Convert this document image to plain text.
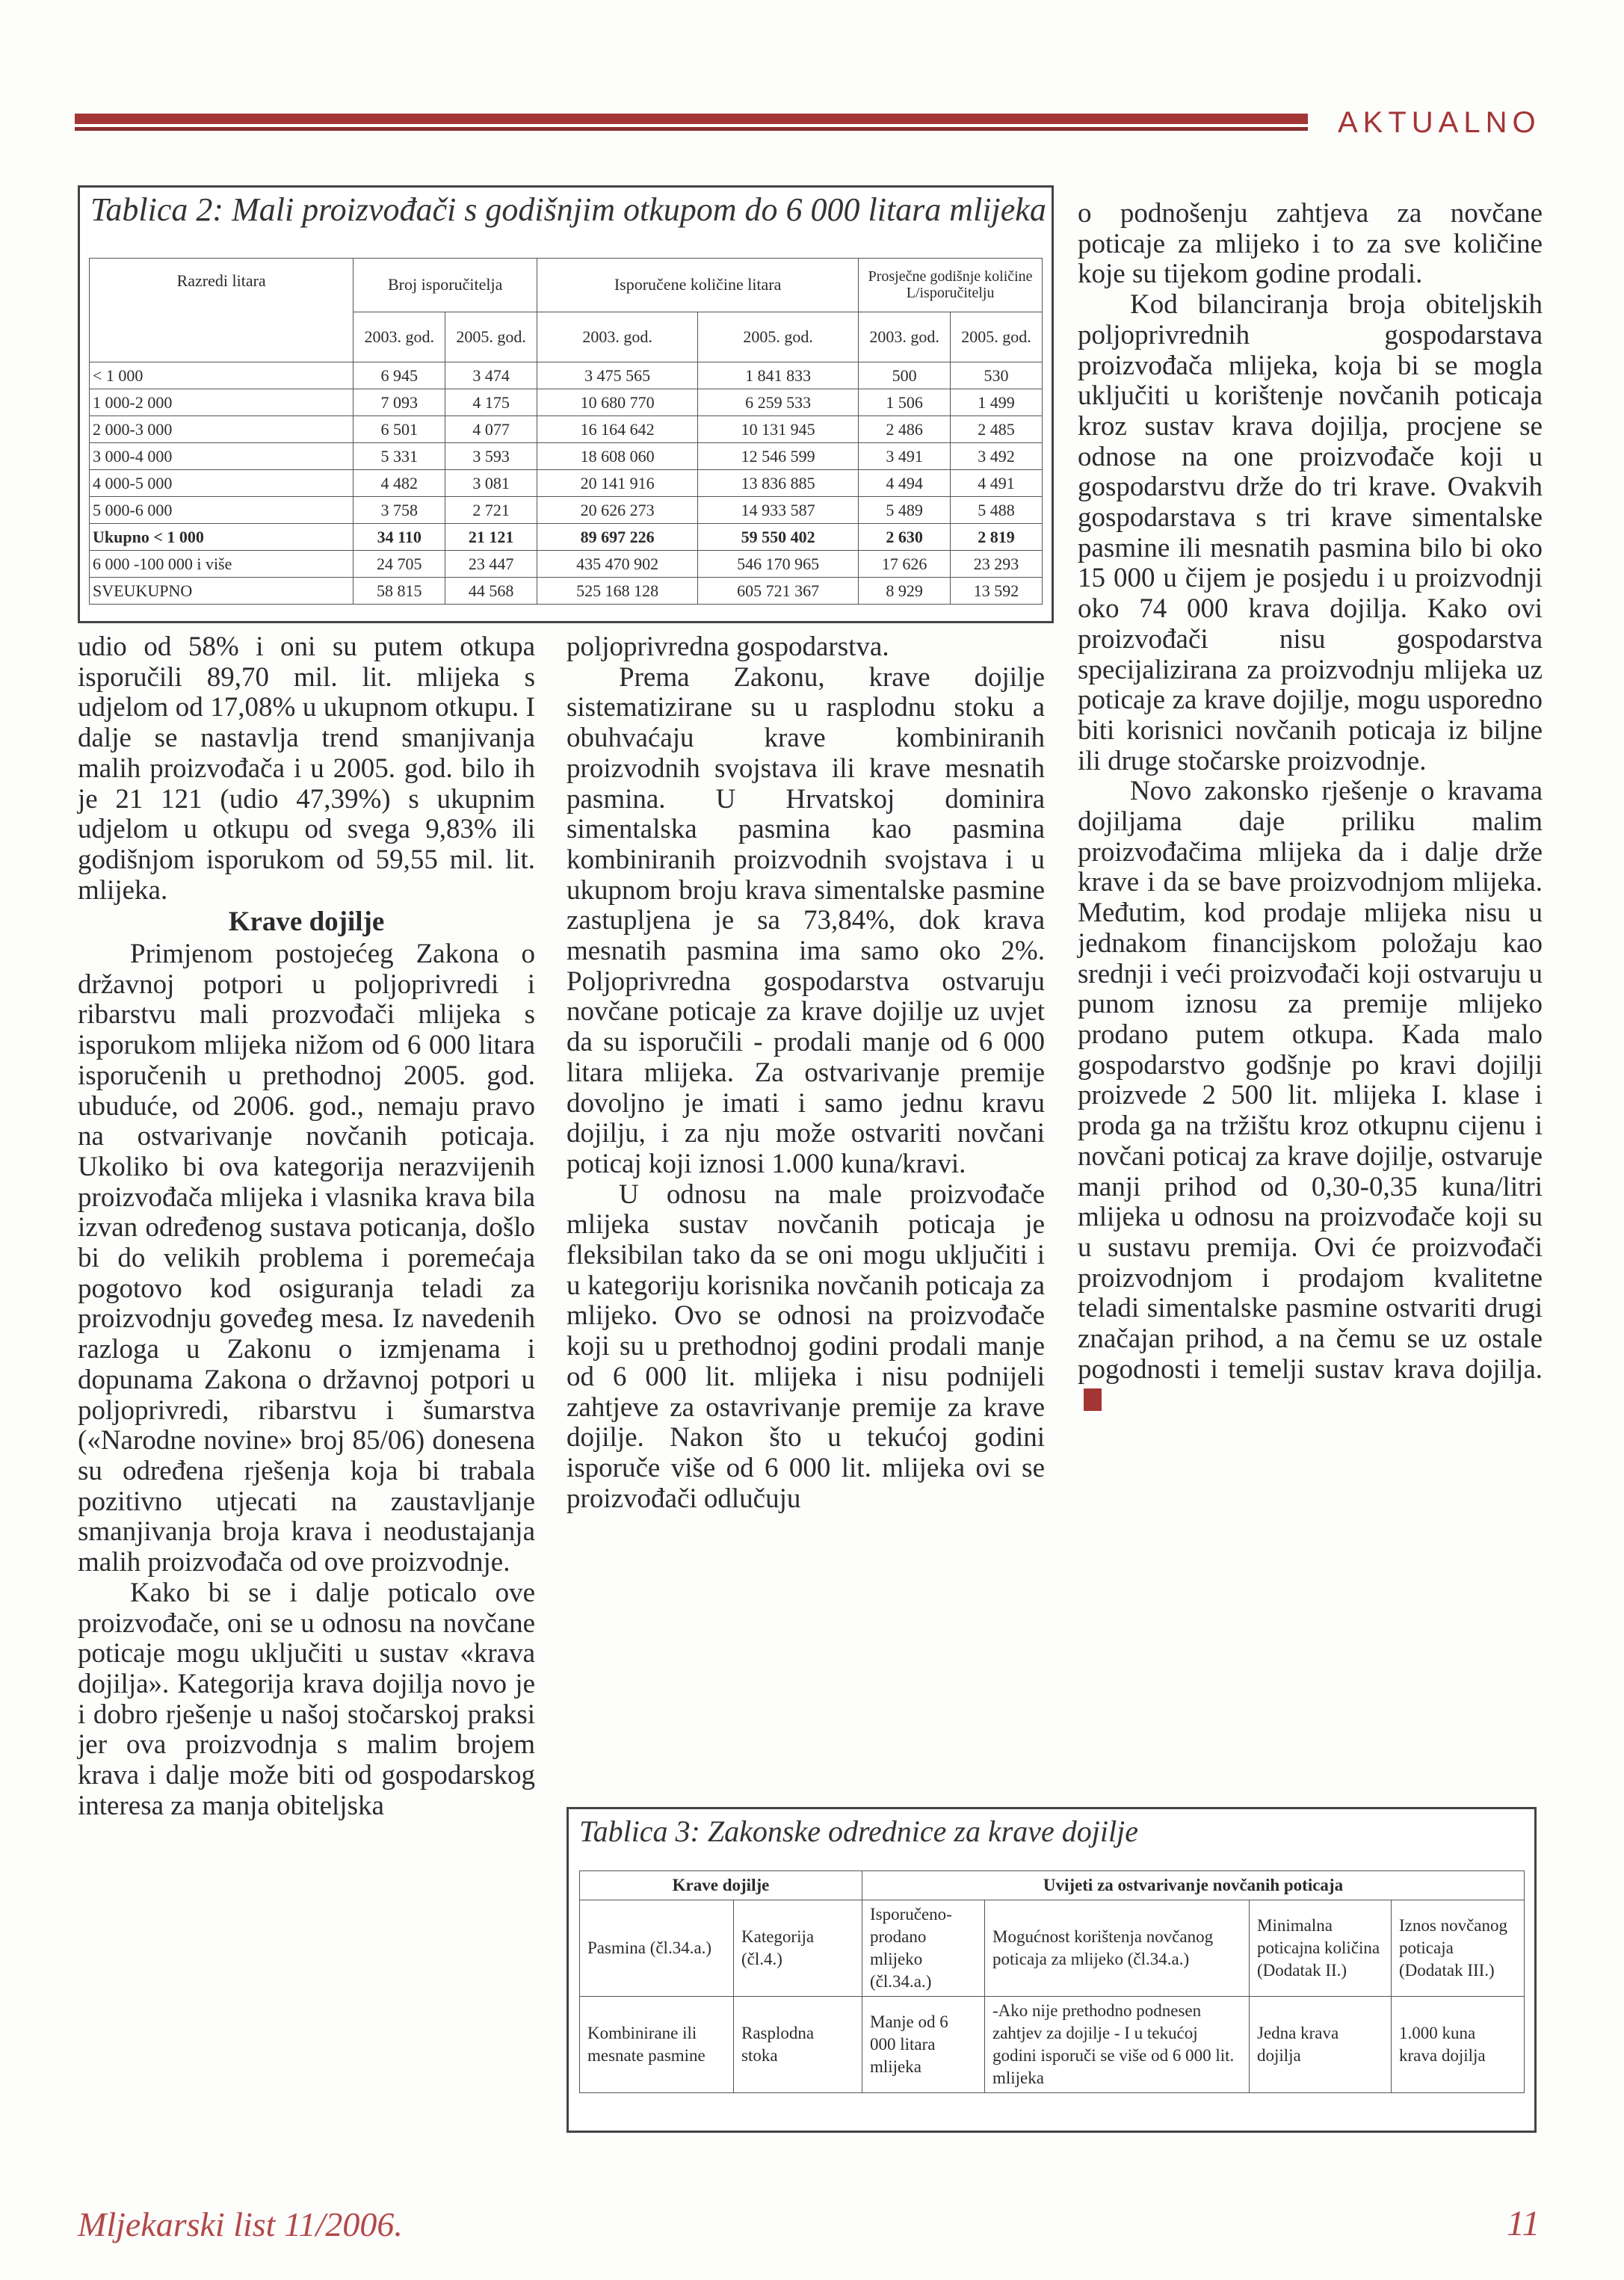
AKTUALNO
Tablica 2: Mali proizvođači s godišnjim otkupom do 6 000 litara mlijeka
Razredi litara	Broj isporučitelja		Isporučene količine litara		Prosječne godišnje količine L/isporučitelju	
	2003. god.	2005. god.	2003. god.	2005. god.	2003. god.	2005. god.
< 1 000	6 945	3 474	3 475 565	1 841 833	500	530
1 000-2 000	7 093	4 175	10 680 770	6 259 533	1 506	1 499
2 000-3 000	6 501	4 077	16 164 642	10 131 945	2 486	2 485
3 000-4 000	5 331	3 593	18 608 060	12 546 599	3 491	3 492
4 000-5 000	4 482	3 081	20 141 916	13 836 885	4 494	4 491
5 000-6 000	3 758	2 721	20 626 273	14 933 587	5 489	5 488
Ukupno < 1 000	34 110	21 121	89 697 226	59 550 402	2 630	2 819
6 000 -100 000 i više	24 705	23 447	435 470 902	546 170 965	17 626	23 293
SVEUKUPNO	58 815	44 568	525 168 128	605 721 367	8 929	13 592

udio od 58% i oni su putem otkupa isporučili 89,70 mil. lit. mlijeka s udjelom od 17,08% u ukupnom otkupu. I dalje se nastavlja trend smanjivanja malih proizvođača i u 2005. god. bilo ih je 21 121 (udio 47,39%) s ukupnim udjelom u otkupu od svega 9,83% ili godišnjom isporukom od 59,55 mil. lit. mlijeka.

Krave dojilje

Primjenom postojećeg Zakona o državnoj potpori u poljoprivredi i ribarstvu mali prozvođači mlijeka s isporukom mlijeka nižom od 6 000 litara isporučenih u prethodnoj 2005. god. ubuduće, od 2006. god., nemaju pravo na ostvarivanje novčanih poticaja. Ukoliko bi ova kategorija nerazvijenih proizvođača mlijeka i vlasnika krava bila izvan određenog sustava poticanja, došlo bi do velikih problema i poremećaja pogotovo kod osiguranja teladi za proizvodnju goveđeg mesa. Iz navedenih razloga u Zakonu o izmjenama i dopunama Zakona o državnoj potpori u poljoprivredi, ribarstvu i šumarstva («Narodne novine» broj 85/06) donesena su određena rješenja koja bi trabala pozitivno utjecati na zaustavljanje smanjivanja broja krava i neodustajanja malih proizvođača od ove proizvodnje.

Kako bi se i dalje poticalo ove proizvođače, oni se u odnosu na novčane poticaje mogu uključiti u sustav «krava dojilja». Kategorija krava dojilja novo je i dobro rješenje u našoj stočarskoj praksi jer ova proizvodnja s malim brojem krava i dalje može biti od gospodarskog interesa za manja obiteljska

poljoprivredna gospodarstva.

Prema Zakonu, krave dojilje sistematizirane su u rasplodnu stoku a obuhvaćaju krave kombiniranih proizvodnih svojstava ili krave mesnatih pasmina. U Hrvatskoj dominira simentalska pasmina kao pasmina kombiniranih proizvodnih svojstava i u ukupnom broju krava simentalske pasmine zastupljena je sa 73,84%, dok krava mesnatih pasmina ima samo oko 2%. Poljoprivredna gospodarstva ostvaruju novčane poticaje za krave dojilje uz uvjet da su isporučili - prodali manje od 6 000 litara mlijeka. Za ostvarivanje premije dovoljno je imati i samo jednu kravu dojilju, i za nju može ostvariti novčani poticaj koji iznosi 1.000 kuna/kravi.

U odnosu na male proizvođače mlijeka sustav novčanih poticaja je fleksibilan tako da se oni mogu uključiti i u kategoriju korisnika novčanih poticaja za mlijeko. Ovo se odnosi na proizvođače koji su u prethodnoj godini prodali manje od 6 000 lit. mlijeka i nisu podnijeli zahtjeve za ostavrivanje premije za krave dojilje. Nakon što u tekućoj godini isporuče više od 6 000 lit. mlijeka ovi se proizvođači odlučuju

o podnošenju zahtjeva za novčane poticaje za mlijeko i to za sve količine koje su tijekom godine prodali.

Kod bilanciranja broja obiteljskih poljoprivrednih gospodarstava proizvođača mlijeka, koja bi se mogla uključiti u korištenje novčanih poticaja kroz sustav krava dojilja, procjene se odnose na one proizvođače koji u gospodarstvu drže do tri krave. Ovakvih gospodarstava s tri krave simentalske pasmine ili mesnatih pasmina bilo bi oko 15 000 u čijem je posjedu i u proizvodnji oko 74 000 krava dojilja. Kako ovi proizvođači nisu gospodarstva specijalizirana za proizvodnju mlijeka uz poticaje za krave dojilje, mogu usporedno biti korisnici novčanih poticaja iz biljne ili druge stočarske proizvodnje.

Novo zakonsko rješenje o kravama dojiljama daje priliku malim proizvođačima mlijeka da i dalje drže krave i da se bave proizvodnjom mlijeka. Međutim, kod prodaje mlijeka nisu u jednakom financijskom položaju kao srednji i veći proizvođači koji ostvaruju u punom iznosu za premije mlijeko prodano putem otkupa. Kada malo gospodarstvo godšnje po kravi dojilji proizvede 2 500 lit. mlijeka I. klase i proda ga na tržištu kroz otkupnu cijenu i novčani poticaj za krave dojilje, ostvaruje manji prihod od 0,30-0,35 kuna/litri mlijeka u odnosu na proizvođače koji su u sustavu premija. Ovi će proizvođači proizvodnjom i prodajom kvalitetne teladi simentalske pasmine ostvariti drugi značajan prihod, a na čemu se uz ostale pogodnosti i temelji sustav krava dojilja.

Tablica 3: Zakonske odrednice za krave dojilje
Krave dojilje		Uvijeti za ostvarivanje novčanih poticaja			
Pasmina (čl.34.a.)	Kategorija (čl.4.)	Isporučeno-prodano mlijeko (čl.34.a.)	Mogućnost korištenja novčanog poticaja za mlijeko (čl.34.a.)	Minimalna poticajna količina (Dodatak II.)	Iznos novčanog poticaja (Dodatak III.)
Kombinirane ili mesnate pasmine	Rasplodna stoka	Manje od 6 000 litara mlijeka	-Ako nije prethodno podnesen zahtjev za dojilje - I u tekućoj godini isporuči se više od 6 000 lit. mlijeka	Jedna krava dojilja	1.000 kuna krava dojilja
Mljekarski list 11/2006.	11
